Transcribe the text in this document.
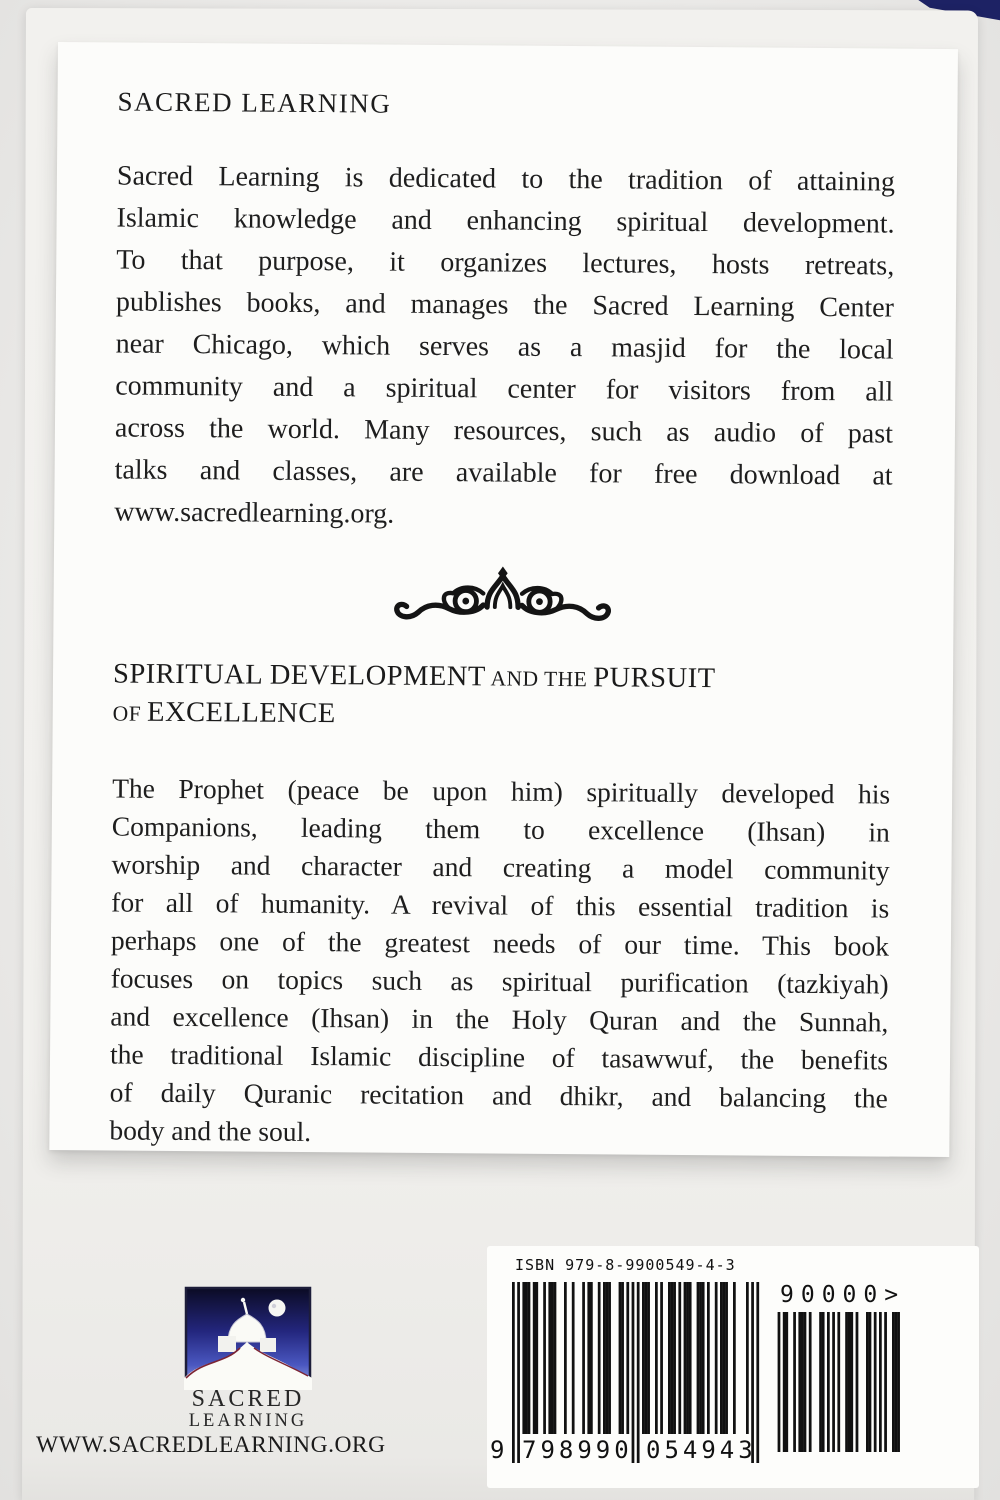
SACRED LEARNING
Sacred Learning is dedicated to the tradition of attaining
Islamic knowledge and enhancing spiritual development.
To that purpose, it organizes lectures, hosts retreats,
publishes books, and manages the Sacred Learning Center
near Chicago, which serves as a masjid for the local
community and a spiritual center for visitors from all
across the world. Many resources, such as audio of past
talks and classes, are available for free download at
www.sacredlearning.org.
SPIRITUAL DEVELOPMENT AND THE PURSUIT
OF EXCELLENCE
The Prophet (peace be upon him) spiritually developed his
Companions, leading them to excellence (Ihsan) in
worship and character and creating a model community
for all of humanity. A revival of this essential tradition is
perhaps one of the greatest needs of our time. This book
focuses on topics such as spiritual purification (tazkiyah)
and excellence (Ihsan) in the Holy Quran and the Sunnah,
the traditional Islamic discipline of tasawwuf, the benefits
of daily Quranic recitation and dhikr, and balancing the
body and the soul.
SACRED
LEARNING
WWW.SACREDLEARNING.ORG
ISBN 979-8-9900549-4-3
90000>
9 798990 054943
